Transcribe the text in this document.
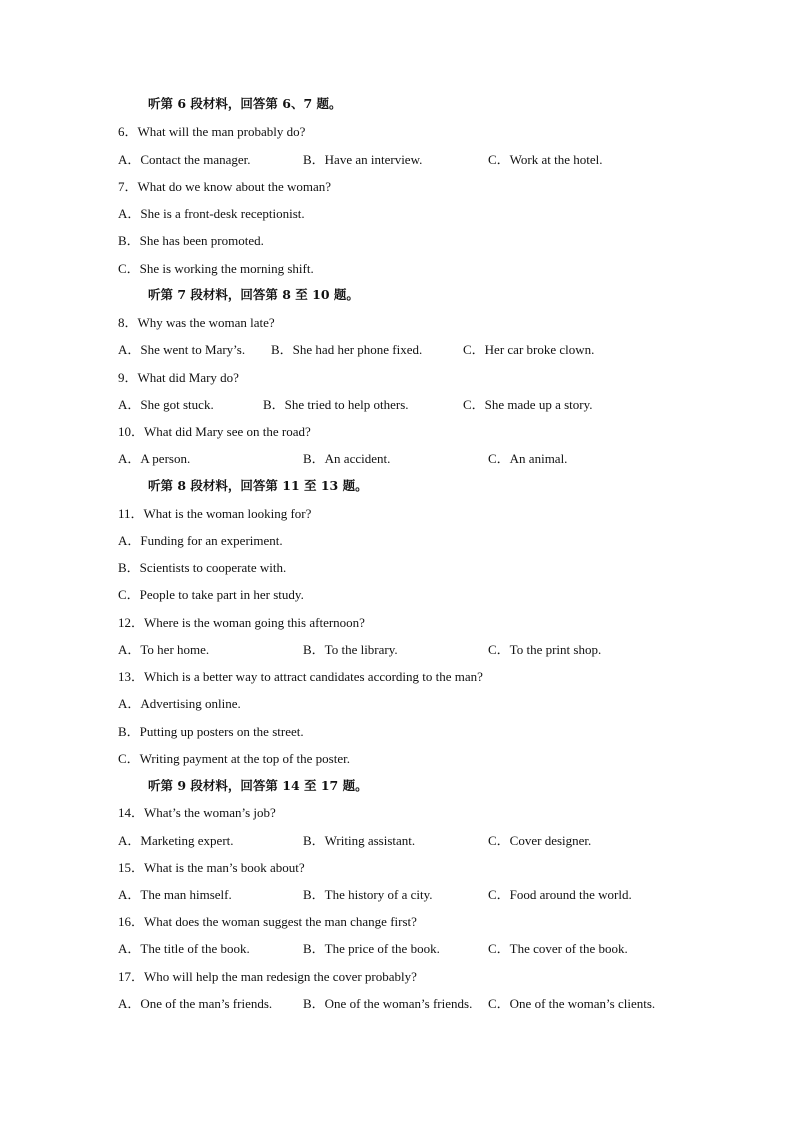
听第 6 段材料，回答第 6、7 题。
6．What will the man probably do?
A．Contact the manager.	B．Have an interview.	C．Work at the hotel.
7．What do we know about the woman?
A．She is a front-desk receptionist.
B．She has been promoted.
C．She is working the morning shift.
听第 7 段材料，回答第 8 至 10 题。
8．Why was the woman late?
A．She went to Mary’s. B．She had her phone fixed.	C．Her car broke clown.
9．What did Mary do?
A．She got stuck.	B．She tried to help others.	C．She made up a story.
10．What did Mary see on the road?
A．A person.	B．An accident.	C．An animal.
听第 8 段材料，回答第 11 至 13 题。
11．What is the woman looking for?
A．Funding for an experiment.
B．Scientists to cooperate with.
C．People to take part in her study.
12．Where is the woman going this afternoon?
A．To her home.	B．To the library.	C．To the print shop.
13．Which is a better way to attract candidates according to the man?
A．Advertising online.
B．Putting up posters on the street.
C．Writing payment at the top of the poster.
听第 9 段材料，回答第 14 至 17 题。
14．What’s the woman’s job?
A．Marketing expert.	B．Writing assistant.	C．Cover designer.
15．What is the man’s book about?
A．The man himself.	B．The history of a city.	C．Food around the world.
16．What does the woman suggest the man change first?
A．The title of the book.	B．The price of the book.	C．The cover of the book.
17．Who will help the man redesign the cover probably?
A．One of the man’s friends. B．One of the woman’s friends. C．One of the woman’s clients.
